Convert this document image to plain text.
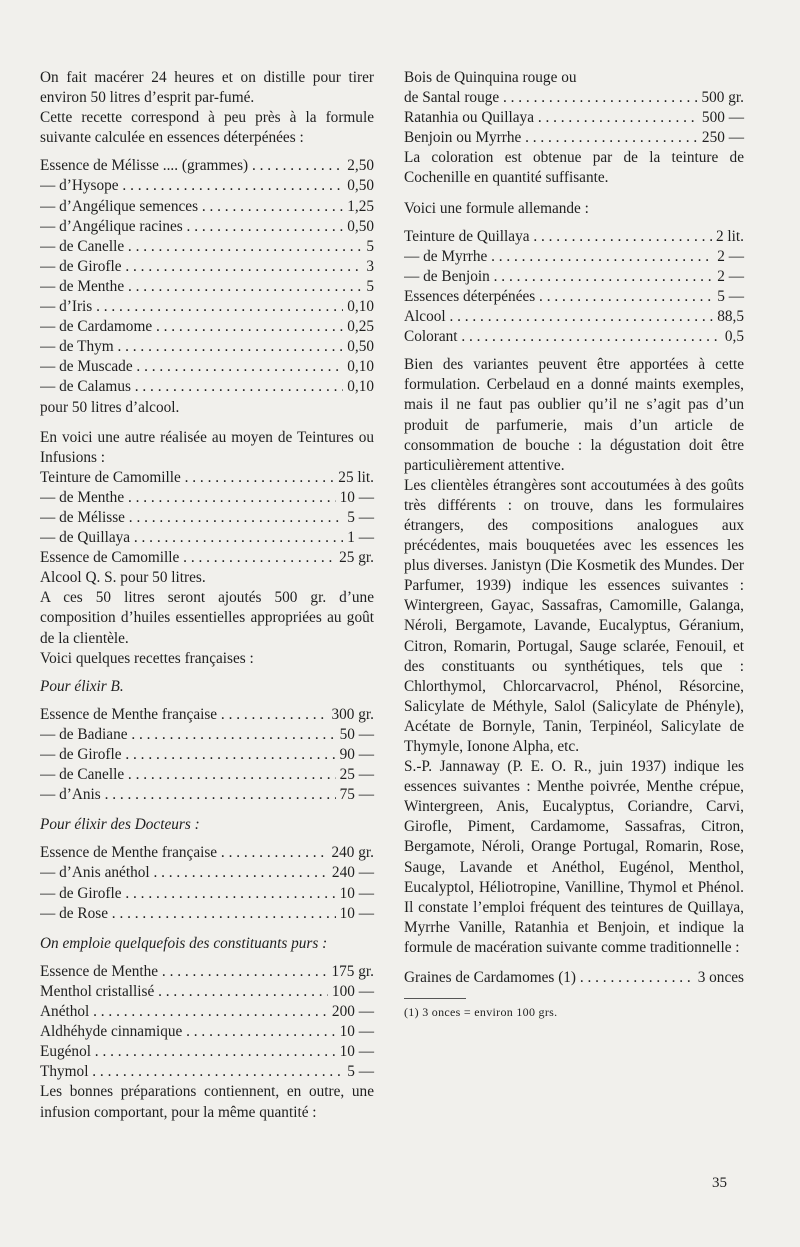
On fait macérer 24 heures et on distille pour tirer environ 50 litres d’esprit par-fumé.

Cette recette correspond à peu près à la formule suivante calculée en essences déterpénées :

Essence de Mélisse .... (grammes) . . .	2,50
— d’Hysope . . .	0,50
— d’Angélique semences . . .	1,25
— d’Angélique racines . . .	0,50
— de Canelle . . .	5
— de Girofle . . .	3
— de Menthe . . .	5
— d’Iris . . .	0,10
— de Cardamome . . .	0,25
— de Thym . . .	0,50
— de Muscade . . .	0,10
— de Calamus . . .	0,10

pour 50 litres d’alcool.

En voici une autre réalisée au moyen de Teintures ou Infusions :

Teinture de Camomille . . .	25 lit.
— de Menthe . . .	10 —
— de Mélisse . . .	5 —
— de Quillaya . . .	1 —
Essence de Camomille . . .	25 gr.

Alcool Q. S. pour 50 litres.

A ces 50 litres seront ajoutés 500 gr. d’une composition d’huiles essentielles appropriées au goût de la clientèle.

Voici quelques recettes françaises :

Pour élixir B.

Essence de Menthe française . . .	300 gr.
— de Badiane . . .	50 —
— de Girofle . . .	90 —
— de Canelle . . .	25 —
— d’Anis . . .	75 —

Pour élixir des Docteurs :

Essence de Menthe française . . .	240 gr.
— d’Anis anéthol . . .	240 —
— de Girofle . . .	10 —
— de Rose . . .	10 —

On emploie quelquefois des constituants purs :

Essence de Menthe . . .	175 gr.
Menthol cristallisé . . .	100 —
Anéthol . . .	200 —
Aldhéhyde cinnamique . . .	10 —
Eugénol . . .	10 —
Thymol . . .	5 —

Les bonnes préparations contiennent, en outre, une infusion comportant, pour la même quantité :

Bois de Quinquina rouge ou

de Santal rouge . . .	500 gr.
Ratanhia ou Quillaya . . .	500 —
Benjoin ou Myrrhe . . .	250 —

La coloration est obtenue par de la teinture de Cochenille en quantité suffisante.

Voici une formule allemande :

Teinture de Quillaya . . .	2 lit.
— de Myrrhe . . .	2 —
— de Benjoin . . .	2 —
Essences déterpénées . . .	5 —
Alcool . . .	88,5
Colorant . . .	0,5

Bien des variantes peuvent être apportées à cette formulation. Cerbelaud en a donné maints exemples, mais il ne faut pas oublier qu’il ne s’agit pas d’un produit de parfumerie, mais d’un article de consommation de bouche : la dégustation doit être particulièrement attentive.

Les clientèles étrangères sont accoutumées à des goûts très différents : on trouve, dans les formulaires étrangers, des compositions analogues aux précédentes, mais bouquetées avec les essences les plus diverses. Janistyn (Die Kosmetik des Mundes. Der Parfumer, 1939) indique les essences suivantes : Wintergreen, Gayac, Sassafras, Camomille, Galanga, Néroli, Bergamote, Lavande, Eucalyptus, Géranium, Citron, Romarin, Portugal, Sauge sclarée, Fenouil, et des constituants ou synthétiques, tels que : Chlorthymol, Chlorcarvacrol, Phénol, Résorcine, Salicylate de Méthyle, Salol (Salicylate de Phényle), Acétate de Bornyle, Tanin, Terpinéol, Salicylate de Thymyle, Ionone Alpha, etc.

S.-P. Jannaway (P. E. O. R., juin 1937) indique les essences suivantes : Menthe poivrée, Menthe crépue, Wintergreen, Anis, Eucalyptus, Coriandre, Carvi, Girofle, Piment, Cardamome, Sassafras, Citron, Bergamote, Néroli, Orange Portugal, Romarin, Rose, Sauge, Lavande et Anéthol, Eugénol, Menthol, Eucalyptol, Héliotropine, Vanilline, Thymol et Phénol. Il constate l’emploi fréquent des teintures de Quillaya, Myrrhe Vanille, Ratanhia et Benjoin, et indique la formule de macération suivante comme traditionnelle :

Graines de Cardamomes (1) . . .	3 onces
(1) 3 onces = environ 100 grs.
35
